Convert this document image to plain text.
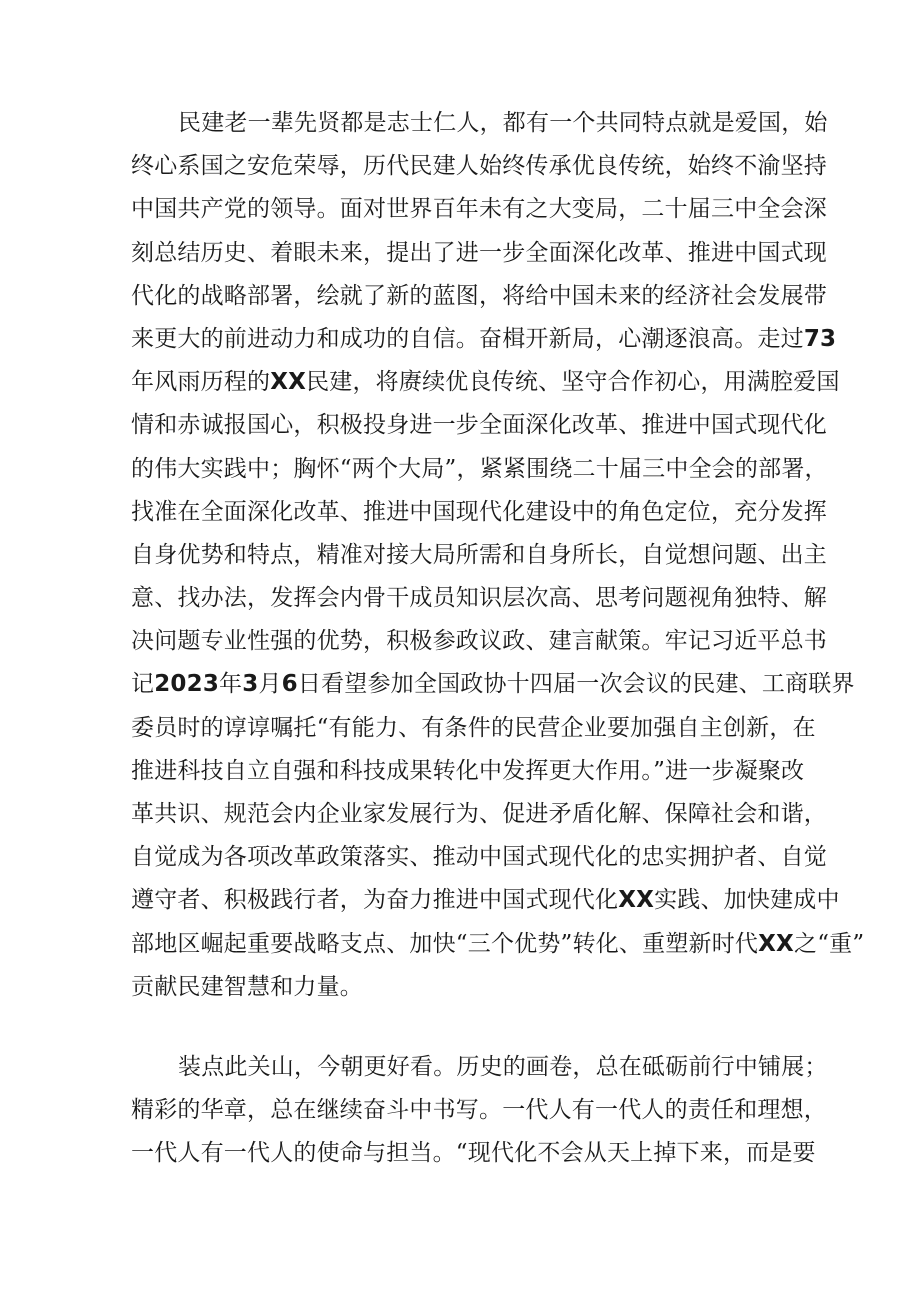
民建老一辈先贤都是志士仁人，都有一个共同特点就是爱国，始
终心系国之安危荣辱，历代民建人始终传承优良传统，始终不渝坚持
中国共产党的领导。面对世界百年未有之大变局，二十届三中全会深
刻总结历史、着眼未来，提出了进一步全面深化改革、推进中国式现
代化的战略部署，绘就了新的蓝图，将给中国未来的经济社会发展带
来更大的前进动力和成功的自信。奋楫开新局，心潮逐浪高。走过73
年风雨历程的XX民建，将赓续优良传统、坚守合作初心，用满腔爱国
情和赤诚报国心，积极投身进一步全面深化改革、推进中国式现代化
的伟大实践中；胸怀“两个大局”，紧紧围绕二十届三中全会的部署，
找准在全面深化改革、推进中国现代化建设中的角色定位，充分发挥
自身优势和特点，精准对接大局所需和自身所长，自觉想问题、出主
意、找办法，发挥会内骨干成员知识层次高、思考问题视角独特、解
决问题专业性强的优势，积极参政议政、建言献策。牢记习近平总书
记2023年3月6日看望参加全国政协十四届一次会议的民建、工商联界
委员时的谆谆嘱托“有能力、有条件的民营企业要加强自主创新，在
推进科技自立自强和科技成果转化中发挥更大作用。”进一步凝聚改
革共识、规范会内企业家发展行为、促进矛盾化解、保障社会和谐，
自觉成为各项改革政策落实、推动中国式现代化的忠实拥护者、自觉
遵守者、积极践行者，为奋力推进中国式现代化XX实践、加快建成中
部地区崛起重要战略支点、加快“三个优势”转化、重塑新时代XX之“重”
贡献民建智慧和力量。
装点此关山，今朝更好看。历史的画卷，总在砥砺前行中铺展；
精彩的华章，总在继续奋斗中书写。一代人有一代人的责任和理想，
一代人有一代人的使命与担当。“现代化不会从天上掉下来，而是要
